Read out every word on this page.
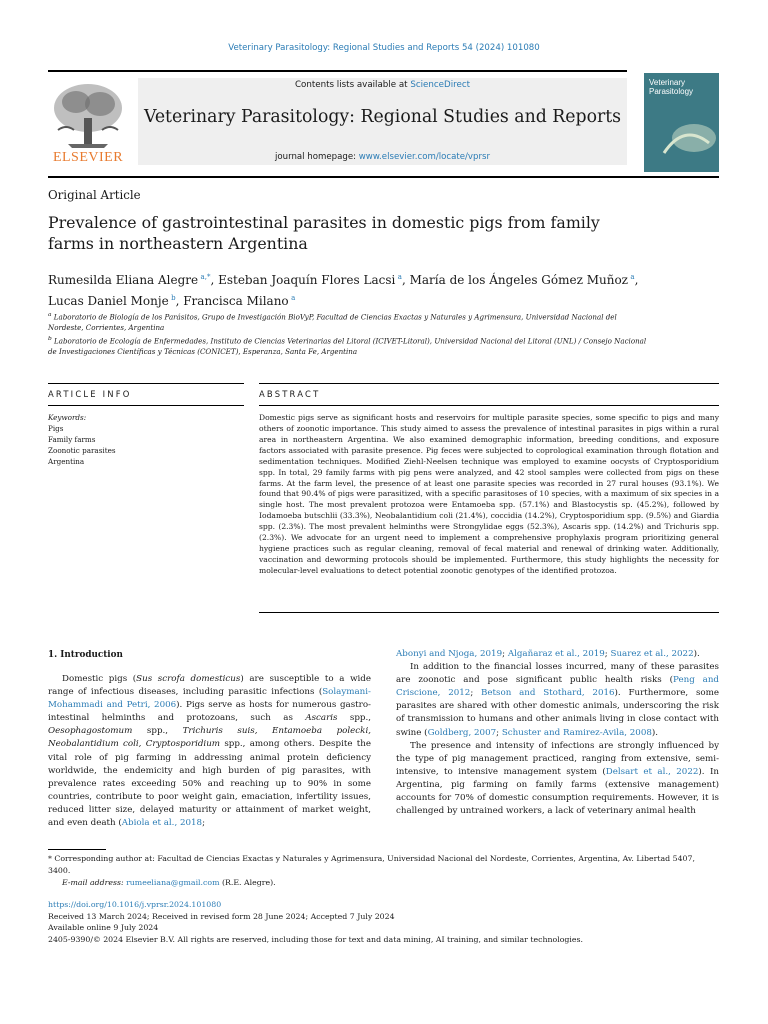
Veterinary Parasitology: Regional Studies and Reports 54 (2024) 101080
ELSEVIER
Contents lists available at ScienceDirect
Veterinary Parasitology: Regional Studies and Reports
journal homepage: www.elsevier.com/locate/vprsr
Veterinary Parasitology
Original Article
Prevalence of gastrointestinal parasites in domestic pigs from family farms in northeastern Argentina
Rumesilda Eliana Alegre  $^{a,*}$, Esteban Joaquín Flores Lacsi  $^a$, María de los Ángeles Gómez Muñoz  $^a$, Lucas Daniel Monje  $^b$, Francisca Milano  $^a$
$^a$ Laboratorio de Biología de los Parásitos, Grupo de Investigación BioVyP, Facultad de Ciencias Exactas y Naturales y Agrimensura, Universidad Nacional del Nordeste, Corrientes, Argentina
$^b$ Laboratorio de Ecología de Enfermedades, Instituto de Ciencias Veterinarias del Litoral (ICIVET-Litoral), Universidad Nacional del Litoral (UNL) / Consejo Nacional de Investigaciones Científicas y Técnicas (CONICET), Esperanza, Santa Fe, Argentina
ARTICLE INFO	ABSTRACT
Keywords:
Pigs
Family farms
Zoonotic parasites
Argentina
Domestic pigs serve as significant hosts and reservoirs for multiple parasite species, some specific to pigs and many others of zoonotic importance. This study aimed to assess the prevalence of intestinal parasites in pigs within a rural area in northeastern Argentina. We also examined demographic information, breeding conditions, and exposure factors associated with parasite presence. Pig feces were subjected to coprological examination through flotation and sedimentation techniques. Modified Ziehl-Neelsen technique was employed to examine oocysts of Cryptosporidium spp. In total, 29 family farms with pig pens were analyzed, and 42 stool samples were collected from pigs on these farms. At the farm level, the presence of at least one parasite species was recorded in 27 rural houses (93.1%). We found that 90.4% of pigs were parasitized, with a specific parasitoses of 10 species, with a maximum of six species in a single host. The most prevalent protozoa were Entamoeba spp. (57.1%) and Blastocystis sp. (45.2%), followed by Iodamoeba butschlii (33.3%), Neobalantidium coli (21.4%), coccidia (14.2%), Cryptosporidium spp. (9.5%) and Giardia spp. (2.3%). The most prevalent helminths were Strongylidae eggs (52.3%), Ascaris spp. (14.2%) and Trichuris spp. (2.3%). We advocate for an urgent need to implement a comprehensive prophylaxis program prioritizing general hygiene practices such as regular cleaning, removal of fecal material and renewal of drinking water. Additionally, vaccination and deworming protocols should be implemented. Furthermore, this study highlights the necessity for molecular-level evaluations to detect potential zoonotic genotypes of the identified protozoa.
1. Introduction

Domestic pigs (Sus scrofa domesticus) are susceptible to a wide range of infectious diseases, including parasitic infections (Solaymani-Mohammadi and Petri, 2006). Pigs serve as hosts for numerous gastro-intestinal helminths and protozoans, such as Ascaris spp., Oesophagostomum spp., Trichuris suis, Entamoeba polecki, Neobalantidium coli, Cryptosporidium spp., among others. Despite the vital role of pig farming in addressing animal protein deficiency worldwide, the endemicity and high burden of pig parasites, with prevalence rates exceeding 50% and reaching up to 90% in some countries, contribute to poor weight gain, emaciation, infertility issues, reduced litter size, delayed maturity or attainment of market weight, and even death (Abiola et al., 2018;

Abonyi and Njoga, 2019; Algañaraz et al., 2019; Suarez et al., 2022).

In addition to the financial losses incurred, many of these parasites are zoonotic and pose significant public health risks (Peng and Criscione, 2012; Betson and Stothard, 2016). Furthermore, some parasites are shared with other domestic animals, underscoring the risk of transmission to humans and other animals living in close contact with swine (Goldberg, 2007; Schuster and Ramirez-Avila, 2008).

The presence and intensity of infections are strongly influenced by the type of pig management practiced, ranging from extensive, semi-intensive, to intensive management system (Delsart et al., 2022). In Argentina, pig farming on family farms (extensive management) accounts for 70% of domestic consumption requirements. However, it is challenged by untrained workers, a lack of veterinary animal health

* Corresponding author at: Facultad de Ciencias Exactas y Naturales y Agrimensura, Universidad Nacional del Nordeste, Corrientes, Argentina, Av. Libertad 5407, 3400.
E-mail address: rumeeliana@gmail.com (R.E. Alegre).
https://doi.org/10.1016/j.vprsr.2024.101080
Received 13 March 2024; Received in revised form 28 June 2024; Accepted 7 July 2024
Available online 9 July 2024
2405-9390/© 2024 Elsevier B.V. All rights are reserved, including those for text and data mining, AI training, and similar technologies.
